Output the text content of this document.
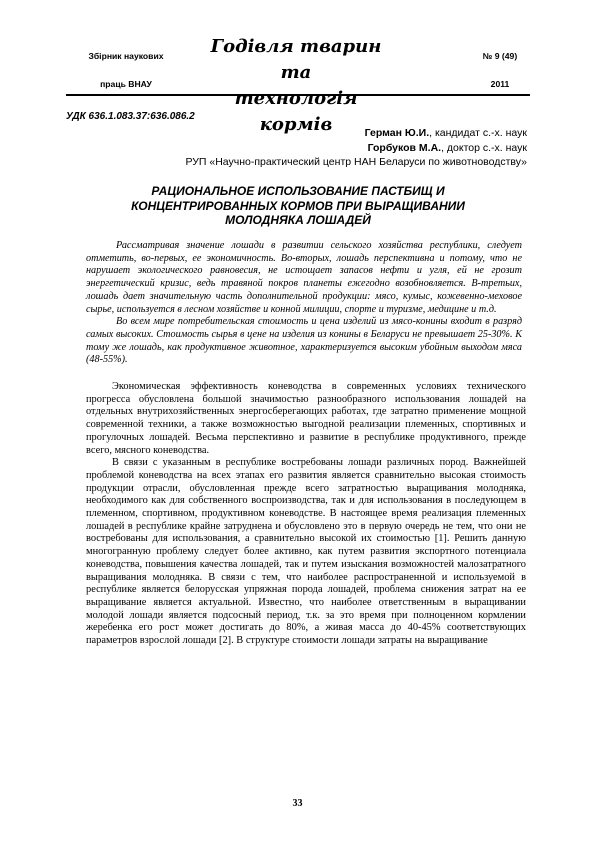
Збірник наукових
праць ВНАУ
Годівля тварин та
технологія кормів
№ 9 (49)
2011
УДК 636.1.083.37:636.086.2
Герман Ю.И., кандидат с.-х. наук
Горбуков М.А., доктор с.-х. наук
РУП «Научно-практический центр НАН Беларуси по животноводству»
РАЦИОНАЛЬНОЕ ИСПОЛЬЗОВАНИЕ ПАСТБИЩ И
КОНЦЕНТРИРОВАННЫХ КОРМОВ ПРИ ВЫРАЩИВАНИИ
МОЛОДНЯКА ЛОШАДЕЙ

Рассматривая значение лошади в развитии сельского хозяйства республики, следует отметить, во-первых, ее экономичность. Во-вторых, лошадь перспективна и потому, что не нарушает экологического равновесия, не истощает запасов нефти и угля, ей не грозит энергетический кризис, ведь травяной покров планеты ежегодно возобновляется. В-третьих, лошадь дает значительную часть дополнительной продукции: мясо, кумыс, кожевенно-меховое сырье, используется в лесном хозяйстве и конной милиции, спорте и туризме, медицине и т.д.

Во всем мире потребительская стоимость и цена изделий из мясо-конины входит в разряд самых высоких. Стоимость сырья в цене на изделия из конины в Беларуси не превышает 25-30%. К тому же лошадь, как продуктивное животное, характеризуется высоким убойным выходом мяса (48-55%).

Экономическая эффективность коневодства в современных условиях технического прогресса обусловлена большой значимостью разнообразного использования лошадей на отдельных внутрихозяйственных энергосберегающих работах, где затратно применение мощной современной техники, а также возможностью выгодной реализации племенных, спортивных и прогулочных лошадей. Весьма перспективно и развитие в республике продуктивного, прежде всего, мясного коневодства.

В связи с указанным в республике востребованы лошади различных пород. Важнейшей проблемой коневодства на всех этапах его развития является сравнительно высокая стоимость продукции отрасли, обусловленная прежде всего затратностью выращивания молодняка, необходимого как для собственного воспроизводства, так и для использования в последующем в племенном, спортивном, продуктивном коневодстве. В настоящее время реализация племенных лошадей в республике крайне затруднена и обусловлено это в первую очередь не тем, что они не востребованы для использования, а сравнительно высокой их стоимостью [1]. Решить данную многогранную проблему следует более активно, как путем развития экспортного потенциала коневодства, повышения качества лошадей, так и путем изыскания возможностей малозатратного выращивания молодняка. В связи с тем, что наиболее распространенной и используемой в республике является белорусская упряжная порода лошадей, проблема снижения затрат на ее выращивание является актуальной. Известно, что наиболее ответственным в выращивании молодой лошади является подсосный период, т.к. за это время при полноценном кормлении жеребенка его рост может достигать до 80%, а живая масса до 40-45% соответствующих параметров взрослой лошади [2]. В структуре стоимости лошади затраты на выращивание

33
